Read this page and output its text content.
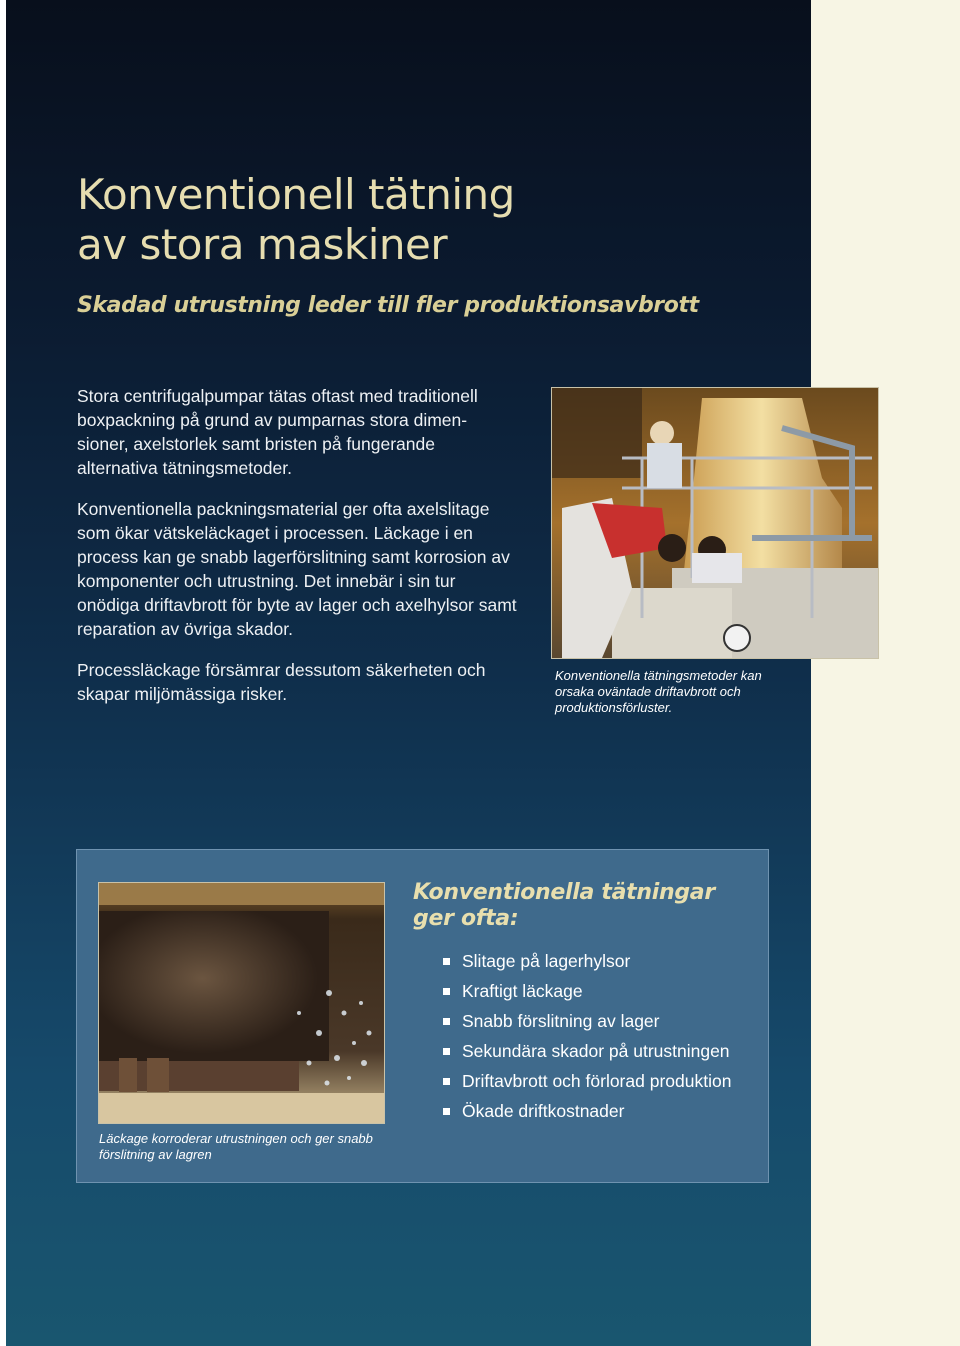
Konventionell tätning
av stora maskiner
Skadad utrustning leder till fler produktionsavbrott

Stora centrifugalpumpar tätas oftast med traditionell boxpackning på grund av pumparnas stora dimen-sioner, axelstorlek samt bristen på fungerande alternativa tätningsmetoder.

Konventionella packningsmaterial ger ofta axelslitage som ökar vätskeläckaget i processen. Läckage i en process kan ge snabb lagerförslitning samt korrosion av komponenter och utrustning. Det innebär i sin tur onödiga driftavbrott för byte av lager och axelhylsor samt reparation av övriga skador.

Processläckage försämrar dessutom säkerheten och skapar miljömässiga risker.

Konventionella tätningsmetoder kan orsaka oväntade driftavbrott och produktionsförluster.
Läckage korroderar utrustningen och ger snabb förslitning av lagren
Konventionella tätningar
ger ofta:
Slitage på lagerhylsor
Kraftigt läckage
Snabb förslitning av lager
Sekundära skador på utrustningen
Driftavbrott och förlorad produktion
Ökade driftkostnader
